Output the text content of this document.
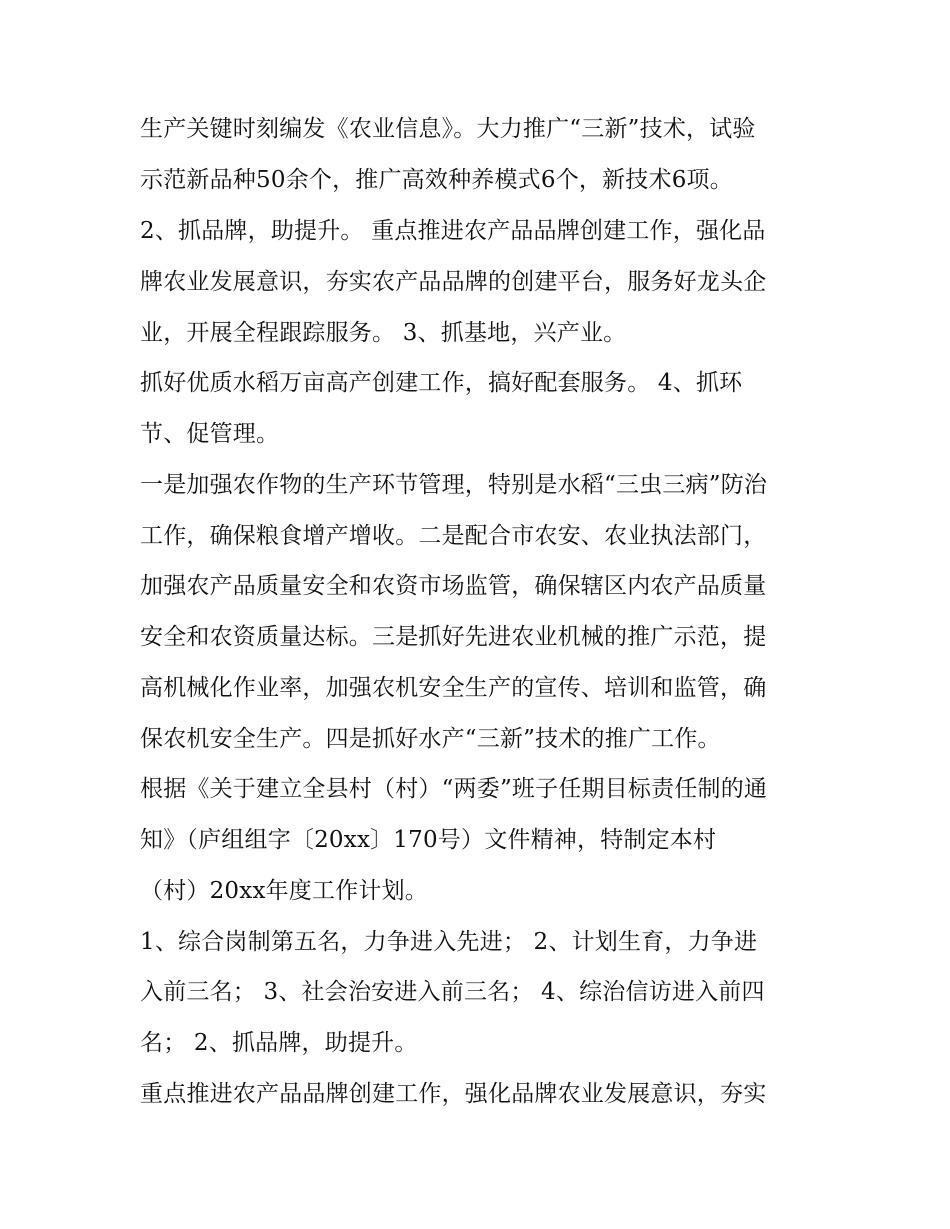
生产关键时刻编发《农业信息》。大力推广“三新”技术，试验
示范新品种50余个，推广高效种养模式6个，新技术6项。
2、抓品牌，助提升。 重点推进农产品品牌创建工作，强化品
牌农业发展意识，夯实农产品品牌的创建平台，服务好龙头企
业，开展全程跟踪服务。 3、抓基地，兴产业。
抓好优质水稻万亩高产创建工作，搞好配套服务。 4、抓环
节、促管理。
一是加强农作物的生产环节管理，特别是水稻“三虫三病”防治
工作，确保粮食增产增收。二是配合市农安、农业执法部门，
加强农产品质量安全和农资市场监管，确保辖区内农产品质量
安全和农资质量达标。三是抓好先进农业机械的推广示范，提
高机械化作业率，加强农机安全生产的宣传、培训和监管，确
保农机安全生产。四是抓好水产“三新”技术的推广工作。
根据《关于建立全县村（村）“两委”班子任期目标责任制的通
知》（庐组组字〔20xx〕170号）文件精神，特制定本村
（村）20xx年度工作计划。
1、综合岗制第五名，力争进入先进； 2、计划生育，力争进
入前三名； 3、社会治安进入前三名； 4、综治信访进入前四
名； 2、抓品牌，助提升。
重点推进农产品品牌创建工作，强化品牌农业发展意识，夯实
